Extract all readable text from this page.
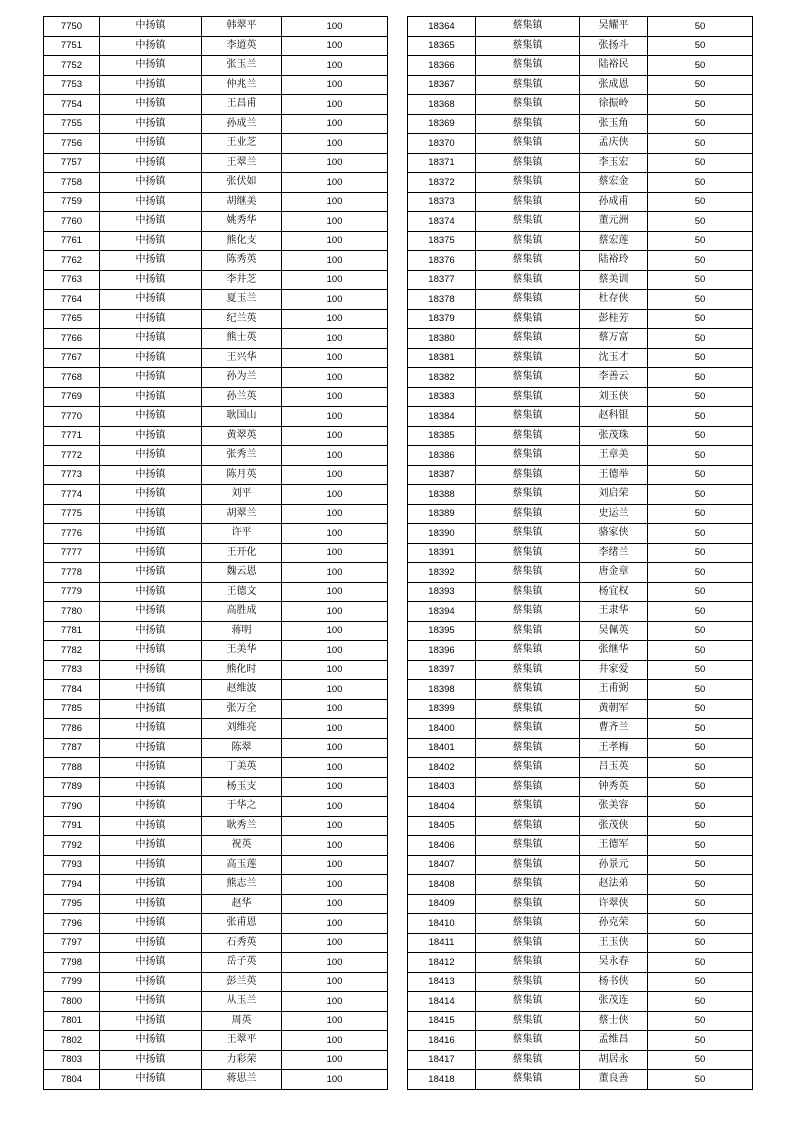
7750	中扬镇	韩翠平	100
7751	中扬镇	李道英	100
7752	中扬镇	张玉兰	100
7753	中扬镇	仲兆兰	100
7754	中扬镇	王昌甫	100
7755	中扬镇	孙成兰	100
7756	中扬镇	王业芝	100
7757	中扬镇	王翠兰	100
7758	中扬镇	张伏如	100
7759	中扬镇	胡继美	100
7760	中扬镇	姚秀华	100
7761	中扬镇	熊化支	100
7762	中扬镇	陈秀英	100
7763	中扬镇	李井芝	100
7764	中扬镇	夏玉兰	100
7765	中扬镇	纪兰英	100
7766	中扬镇	熊士英	100
7767	中扬镇	王兴华	100
7768	中扬镇	孙为兰	100
7769	中扬镇	孙兰英	100
7770	中扬镇	耿国山	100
7771	中扬镇	黄翠英	100
7772	中扬镇	张秀兰	100
7773	中扬镇	陈月英	100
7774	中扬镇	刘平	100
7775	中扬镇	胡翠兰	100
7776	中扬镇	许平	100
7777	中扬镇	王开化	100
7778	中扬镇	魏云恩	100
7779	中扬镇	王德文	100
7780	中扬镇	高胜成	100
7781	中扬镇	蒋明	100
7782	中扬镇	王美华	100
7783	中扬镇	熊化时	100
7784	中扬镇	赵维波	100
7785	中扬镇	张万全	100
7786	中扬镇	刘维亮	100
7787	中扬镇	陈翠	100
7788	中扬镇	丁美英	100
7789	中扬镇	杨玉支	100
7790	中扬镇	于华之	100
7791	中扬镇	耿秀兰	100
7792	中扬镇	祝英	100
7793	中扬镇	高玉莲	100
7794	中扬镇	熊志兰	100
7795	中扬镇	赵华	100
7796	中扬镇	张甫恩	100
7797	中扬镇	石秀英	100
7798	中扬镇	岳子英	100
7799	中扬镇	彭兰英	100
7800	中扬镇	从玉兰	100
7801	中扬镇	周英	100
7802	中扬镇	王翠平	100
7803	中扬镇	力彩荣	100
7804	中扬镇	蒋思兰	100
18364	蔡集镇	吴耀平	50
18365	蔡集镇	张扬斗	50
18366	蔡集镇	陆裕民	50
18367	蔡集镇	张成恩	50
18368	蔡集镇	徐振岭	50
18369	蔡集镇	张玉角	50
18370	蔡集镇	孟庆侠	50
18371	蔡集镇	李玉宏	50
18372	蔡集镇	蔡宏金	50
18373	蔡集镇	孙成甫	50
18374	蔡集镇	董元洲	50
18375	蔡集镇	蔡宏莲	50
18376	蔡集镇	陆裕玲	50
18377	蔡集镇	蔡美训	50
18378	蔡集镇	杜存侠	50
18379	蔡集镇	彭桂芳	50
18380	蔡集镇	蔡万富	50
18381	蔡集镇	沈玉才	50
18382	蔡集镇	李善云	50
18383	蔡集镇	刘玉侠	50
18384	蔡集镇	赵科银	50
18385	蔡集镇	张茂珠	50
18386	蔡集镇	王章美	50
18387	蔡集镇	王德举	50
18388	蔡集镇	刘启荣	50
18389	蔡集镇	史运兰	50
18390	蔡集镇	骆家侠	50
18391	蔡集镇	李绪兰	50
18392	蔡集镇	唐金章	50
18393	蔡集镇	杨宜权	50
18394	蔡集镇	王隶华	50
18395	蔡集镇	吴佩英	50
18396	蔡集镇	张继华	50
18397	蔡集镇	井家爱	50
18398	蔡集镇	王甫弼	50
18399	蔡集镇	黄朝军	50
18400	蔡集镇	曹齐兰	50
18401	蔡集镇	王孝梅	50
18402	蔡集镇	吕玉英	50
18403	蔡集镇	钟秀英	50
18404	蔡集镇	张美容	50
18405	蔡集镇	张茂侠	50
18406	蔡集镇	王德军	50
18407	蔡集镇	孙景元	50
18408	蔡集镇	赵法弟	50
18409	蔡集镇	许翠侠	50
18410	蔡集镇	孙克荣	50
18411	蔡集镇	王玉侠	50
18412	蔡集镇	吴永春	50
18413	蔡集镇	杨书侠	50
18414	蔡集镇	张茂连	50
18415	蔡集镇	蔡士侠	50
18416	蔡集镇	孟维昌	50
18417	蔡集镇	胡居永	50
18418	蔡集镇	董良善	50
